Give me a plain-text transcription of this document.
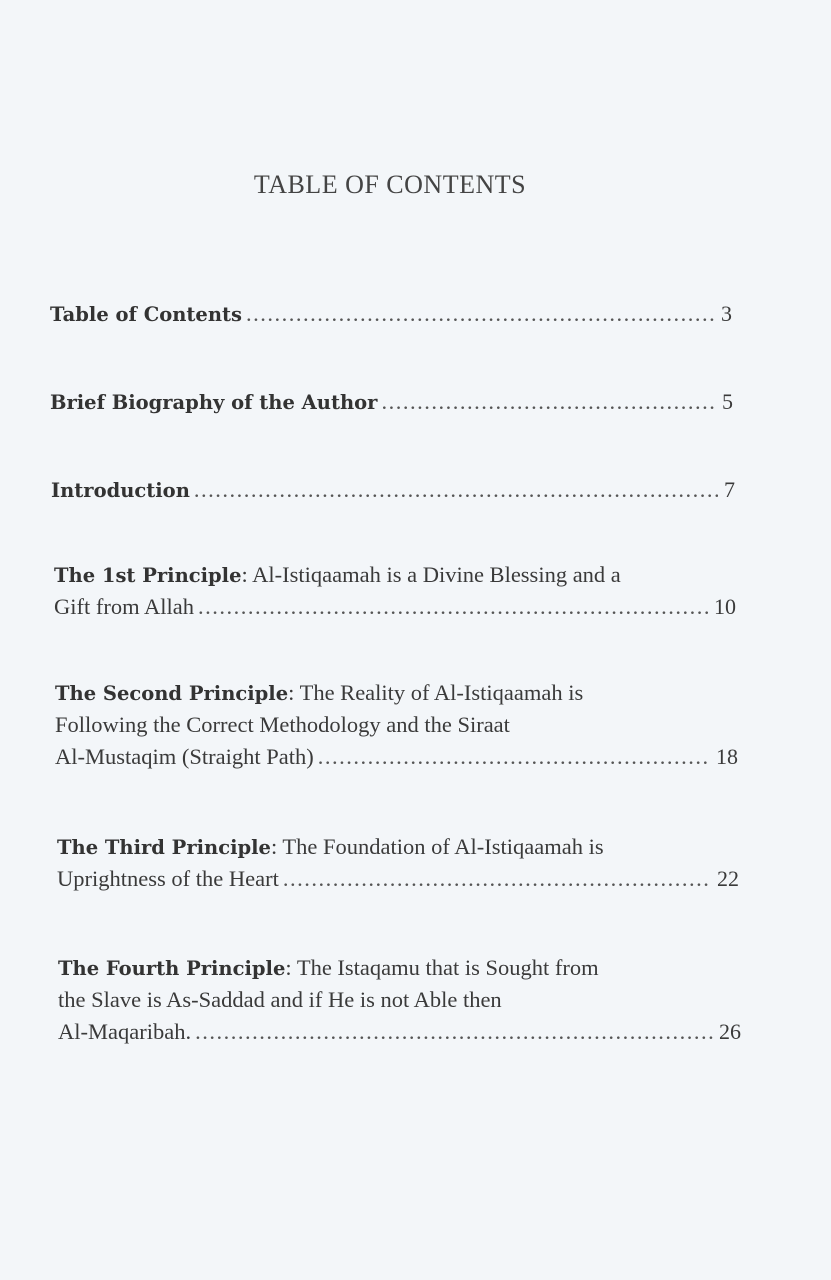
TABLE OF CONTENTS
Table of Contents .....	3
Brief Biography of the Author .....	5
Introduction .....	7
The 1st Principle: Al-Istiqaamah is a Divine Blessing and a
Gift from Allah .....	10
The Second Principle: The Reality of Al-Istiqaamah is
Following the Correct Methodology and the Siraat
Al-Mustaqim (Straight Path) .....	18
The Third Principle: The Foundation of Al-Istiqaamah is
Uprightness of the Heart .....	22
The Fourth Principle: The Istaqamu that is Sought from
the Slave is As-Saddad and if He is not Able then
Al-Maqaribah. .....	26
